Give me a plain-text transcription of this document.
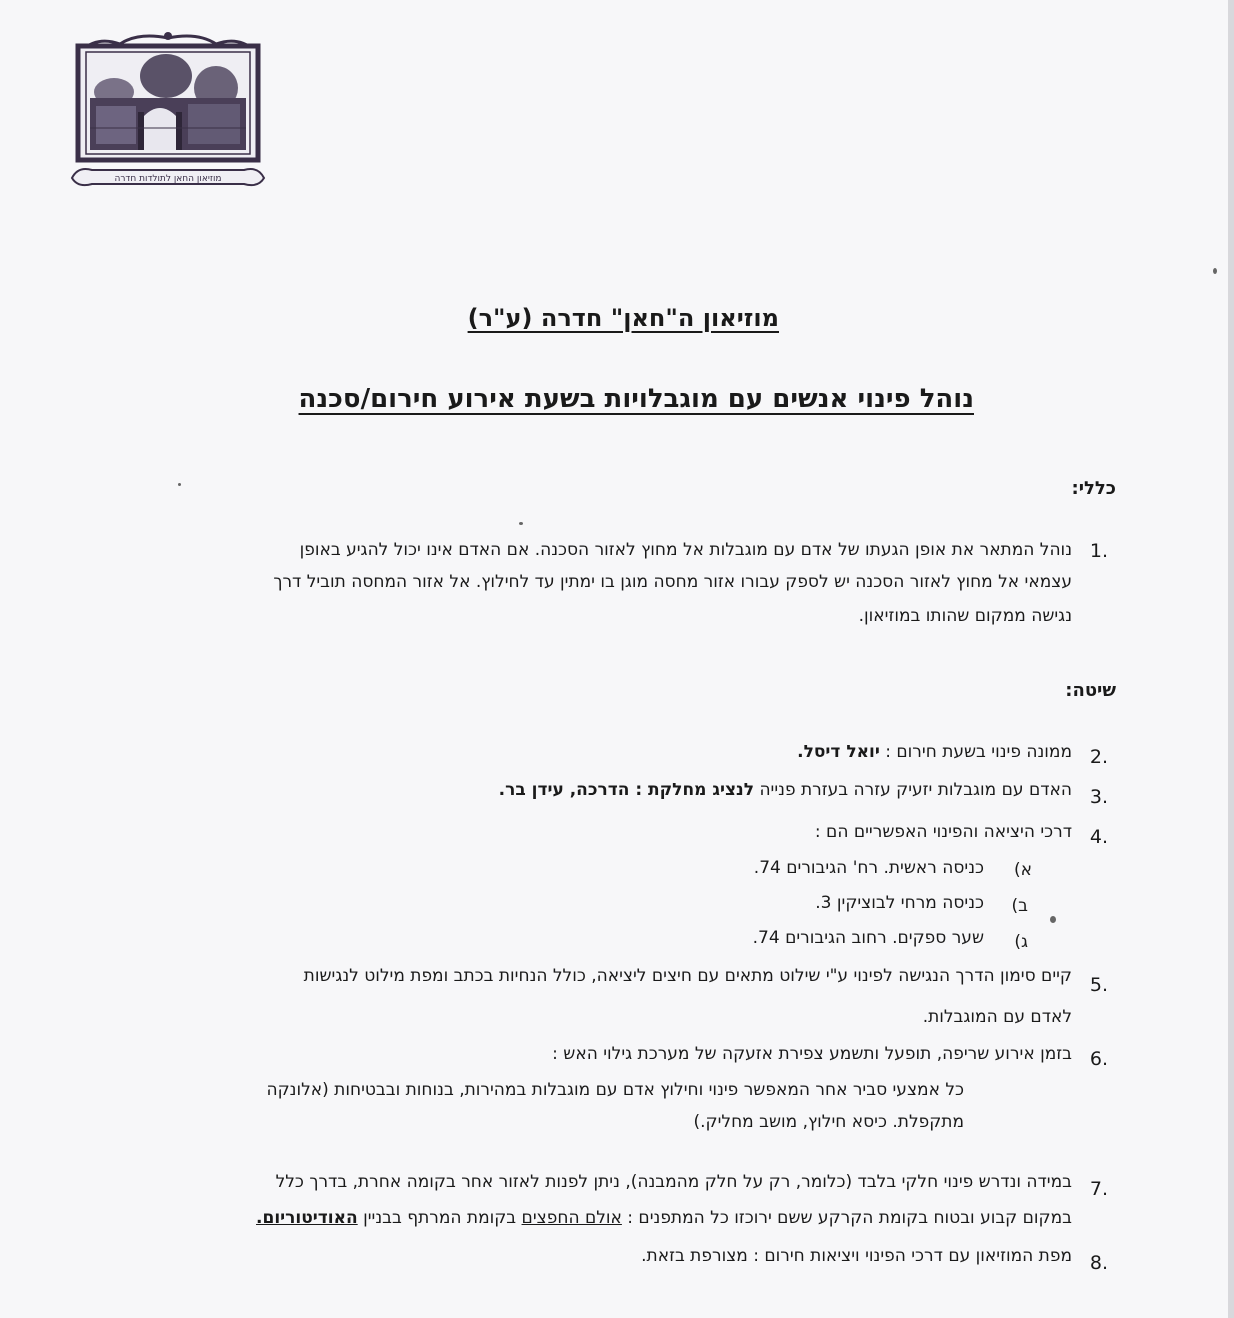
מוזיאון החאן לתולדות חדרה
מוזיאון ה"חאן" חדרה (ע"ר)
נוהל פינוי אנשים עם מוגבלויות בשעת אירוע חירום/סכנה
כללי:
1.
נוהל המתאר את אופן הגעתו של אדם עם מוגבלות אל מחוץ לאזור הסכנה. אם האדם אינו יכול להגיע באופן
עצמאי אל מחוץ לאזור הסכנה יש לספק עבורו אזור מחסה מוגן בו ימתין עד לחילוץ. אל אזור המחסה תוביל דרך
נגישה ממקום שהותו במוזיאון.
שיטה:
2.
ממונה פינוי בשעת חירום : יואל דיסל.
3.
האדם עם מוגבלות יזעיק עזרה בעזרת פנייה לנציג מחלקת : הדרכה, עידן בר.
4.
דרכי היציאה והפינוי האפשריים הם :
א)
כניסה ראשית. רח' הגיבורים 74.
ב)
כניסה מרחי לבוציקין 3.
ג)
שער ספקים. רחוב הגיבורים 74.
5.
קיים סימון הדרך הנגישה לפינוי ע"י שילוט מתאים עם חיצים ליציאה, כולל הנחיות בכתב ומפת מילוט לנגישות
לאדם עם המוגבלות.
6.
בזמן אירוע שריפה, תופעל ותשמע צפירת אזעקה של מערכת גילוי האש :
כל אמצעי סביר אחר המאפשר פינוי וחילוץ אדם עם מוגבלות במהירות, בנוחות ובבטיחות (אלונקה
מתקפלת. כיסא חילוץ, מושב מחליק.)
7.
במידה ונדרש פינוי חלקי בלבד (כלומר, רק על חלק מהמבנה), ניתן לפנות לאזור אחר בקומה אחרת, בדרך כלל
במקום קבוע ובטוח בקומת הקרקע ששם ירוכזו כל המתפנים : אולם החפצים בקומת המרתף בבניין האודיטוריום.
8.
מפת המוזיאון עם דרכי הפינוי ויציאות חירום : מצורפת בזאת.
